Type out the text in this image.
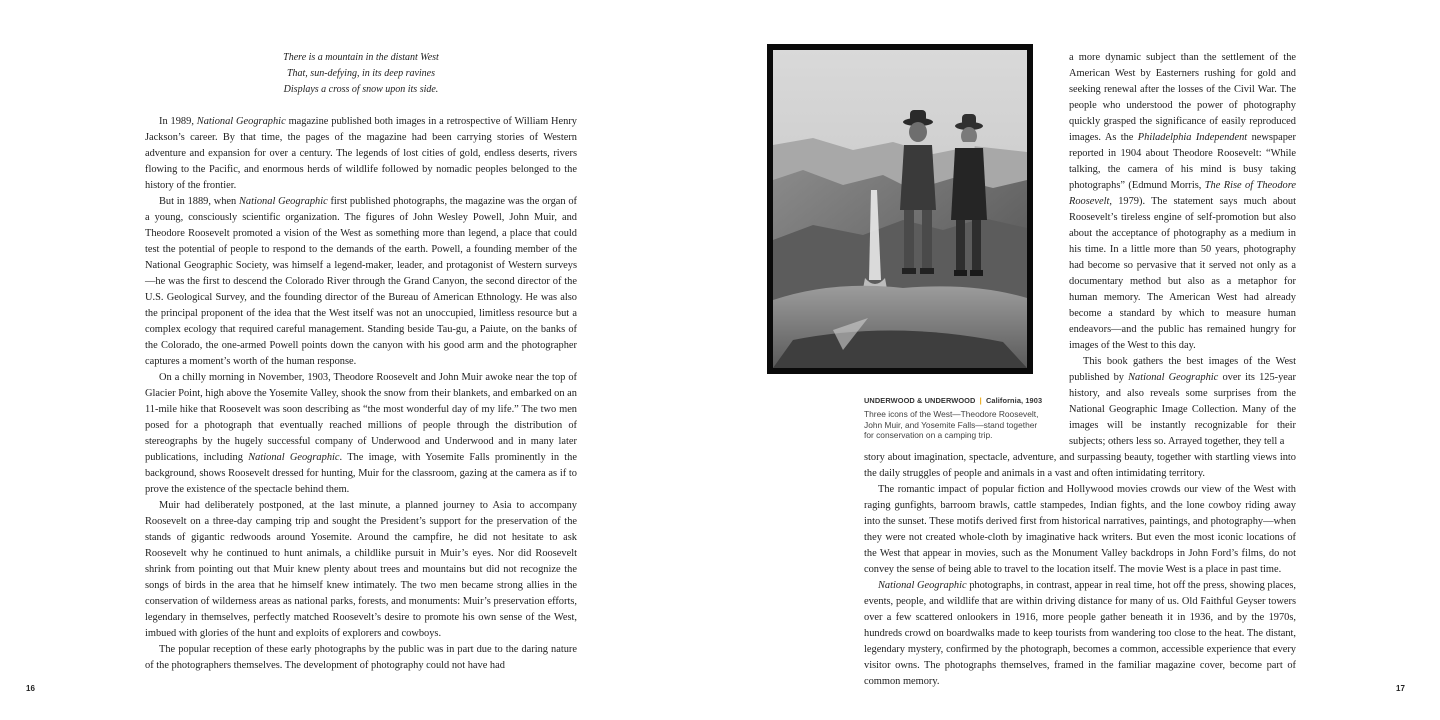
There is a mountain in the distant West
That, sun-defying, in its deep ravines
Displays a cross of snow upon its side.

In 1989, National Geographic magazine published both images in a retrospective of William Henry Jackson’s career. By that time, the pages of the magazine had been carrying stories of Western adventure and expansion for over a century. The legends of lost cities of gold, endless deserts, rivers flowing to the Pacific, and enormous herds of wildlife followed by nomadic peoples belonged to the history of the frontier.

But in 1889, when National Geographic first published photographs, the magazine was the organ of a young, consciously scientific organization. The figures of John Wesley Powell, John Muir, and Theodore Roosevelt promoted a vision of the West as something more than legend, a place that could test the potential of people to respond to the demands of the earth. Powell, a founding member of the National Geographic Society, was himself a legend-maker, leader, and protagonist of Western surveys—he was the first to descend the Colorado River through the Grand Canyon, the second director of the U.S. Geological Survey, and the founding director of the Bureau of American Ethnology. He was also the principal proponent of the idea that the West itself was not an unoccupied, limitless resource but a complex ecology that required careful management. Standing beside Tau-gu, a Paiute, on the banks of the Colorado, the one-armed Powell points down the canyon with his good arm and the photographer captures a moment’s worth of the human response.

On a chilly morning in November, 1903, Theodore Roosevelt and John Muir awoke near the top of Glacier Point, high above the Yosemite Valley, shook the snow from their blankets, and embarked on an 11-mile hike that Roosevelt was soon describing as “the most wonderful day of my life.” The two men posed for a photograph that eventually reached millions of people through the distribution of stereographs by the hugely successful company of Underwood and Underwood and in many later publications, including National Geographic. The image, with Yosemite Falls prominently in the background, shows Roosevelt dressed for hunting, Muir for the classroom, gazing at the camera as if to prove the existence of the spectacle behind them.

Muir had deliberately postponed, at the last minute, a planned journey to Asia to accompany Roosevelt on a three-day camping trip and sought the President’s support for the preservation of the stands of gigantic redwoods around Yosemite. Around the campfire, he did not hesitate to ask Roosevelt why he continued to hunt animals, a childlike pursuit in Muir’s eyes. Nor did Roosevelt shrink from pointing out that Muir knew plenty about trees and mountains but did not recognize the songs of birds in the area that he himself knew intimately. The two men became strong allies in the conservation of wilderness areas as national parks, forests, and monuments: Muir’s preservation efforts, legendary in themselves, perfectly matched Roosevelt’s desire to promote his own sense of the West, imbued with glories of the hunt and exploits of explorers and cowboys.

The popular reception of these early photographs by the public was in part due to the daring nature of the photographers themselves. The development of photography could not have had

16
UNDERWOOD & UNDERWOOD | California, 1903
Three icons of the West—Theodore Roosevelt, John Muir, and Yosemite Falls—stand together for conservation on a camping trip.

a more dynamic subject than the settlement of the American West by Easterners rushing for gold and seeking renewal after the losses of the Civil War. The people who understood the power of photography quickly grasped the significance of easily reproduced images. As the Philadelphia Independent newspaper reported in 1904 about Theodore Roosevelt: “While talking, the camera of his mind is busy taking photographs” (Edmund Morris, The Rise of Theodore Roosevelt, 1979). The statement says much about Roosevelt’s tireless engine of self-promotion but also about the acceptance of photography as a medium in his time. In a little more than 50 years, photography had become so pervasive that it served not only as a documentary method but also as a metaphor for human memory. The American West had already become a standard by which to measure human endeavors—and the public has remained hungry for images of the West to this day.

This book gathers the best images of the West published by National Geographic over its 125-year history, and also reveals some surprises from the National Geographic Image Collection. Many of the images will be instantly recognizable for their subjects; others less so. Arrayed together, they tell a

story about imagination, spectacle, adventure, and surpassing beauty, together with startling views into the daily struggles of people and animals in a vast and often intimidating territory.

The romantic impact of popular fiction and Hollywood movies crowds our view of the West with raging gunfights, barroom brawls, cattle stampedes, Indian fights, and the lone cowboy riding away into the sunset. These motifs derived first from historical narratives, paintings, and photography—when they were not created whole-cloth by imaginative hack writers. But even the most iconic locations of the West that appear in movies, such as the Monument Valley backdrops in John Ford’s films, do not convey the sense of being able to travel to the location itself. The movie West is a place in past time.

National Geographic photographs, in contrast, appear in real time, hot off the press, showing places, events, people, and wildlife that are within driving distance for many of us. Old Faithful Geyser towers over a few scattered onlookers in 1916, more people gather beneath it in 1936, and by the 1970s, hundreds crowd on boardwalks made to keep tourists from wandering too close to the heat. The distant, legendary mystery, confirmed by the photograph, becomes a common, accessible experience that every visitor owns. The photographs themselves, framed in the familiar magazine cover, become part of common memory.

17
